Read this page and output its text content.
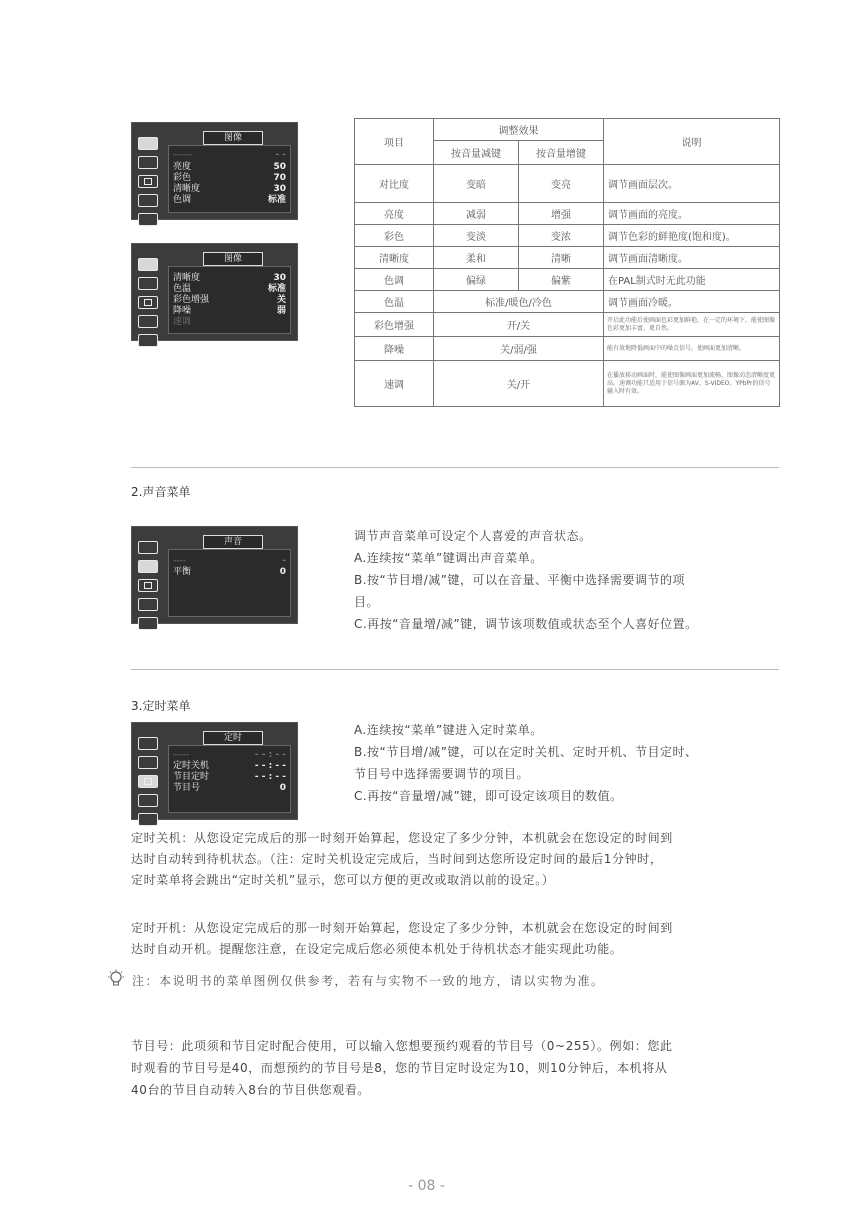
图像
------	- -
亮度	50
彩色	70
清晰度	30
色调	标准
图像
清晰度	30
色温	标准
彩色增强	关
降噪	弱
速调
项目	调整效果		说明
	按音量减键	按音量增键	
对比度	变暗	变亮	调节画面层次。
亮度	减弱	增强	调节画面的亮度。
彩色	变淡	变浓	调节色彩的鲜艳度(饱和度)。
清晰度	柔和	清晰	调节画面清晰度。
色调	偏绿	偏紫	在PAL制式时无此功能
色温	标准/暖色/冷色		调节画面冷暖。
彩色增强	开/关		开启此功能后使画面色彩更加鲜艳，在一定的环境下，能使图像色彩更加丰富、更自然。
降噪	关/弱/强		能有效地降低画面中的噪点信号，使画面更加清晰。
速调	关/开		在播放移动画面时，能使图像画面更加流畅，图像动态清晰度更高。速调功能只适用于信号源为AV、S-VIDEO、YPbPr的信号输入时有效。
2.声音菜单
声音
----	-
平衡	0
调节声音菜单可设定个人喜爱的声音状态。
A.连续按“菜单”键调出声音菜单。
B.按“节目增/减”键，可以在音量、平衡中选择需要调节的项
目。
C.再按“音量增/减”键，调节该项数值或状态至个人喜好位置。
3.定时菜单
定时
-----	- - : - -
定时关机	- - : - -
节目定时	- - : - -
节目号	0
A.连续按“菜单”键进入定时菜单。
B.按“节目增/减”键，可以在定时关机、定时开机、节目定时、
节目号中选择需要调节的项目。
C.再按“音量增/减”键，即可设定该项目的数值。
定时关机：从您设定完成后的那一时刻开始算起，您设定了多少分钟，本机就会在您设定的时间到
达时自动转到待机状态。（注：定时关机设定完成后，当时间到达您所设定时间的最后1分钟时，
定时菜单将会跳出“定时关机”显示，您可以方便的更改或取消以前的设定。）
定时开机：从您设定完成后的那一时刻开始算起，您设定了多少分钟，本机就会在您设定的时间到
达时自动开机。提醒您注意，在设定完成后您必须使本机处于待机状态才能实现此功能。
注：本说明书的菜单图例仅供参考，若有与实物不一致的地方，请以实物为准。
节目号：此项须和节目定时配合使用，可以输入您想要预约观看的节目号（0~255）。例如：您此
时观看的节目号是40，而想预约的节目号是8，您的节目定时设定为10，则10分钟后，本机将从
40台的节目自动转入8台的节目供您观看。
- 08 -
